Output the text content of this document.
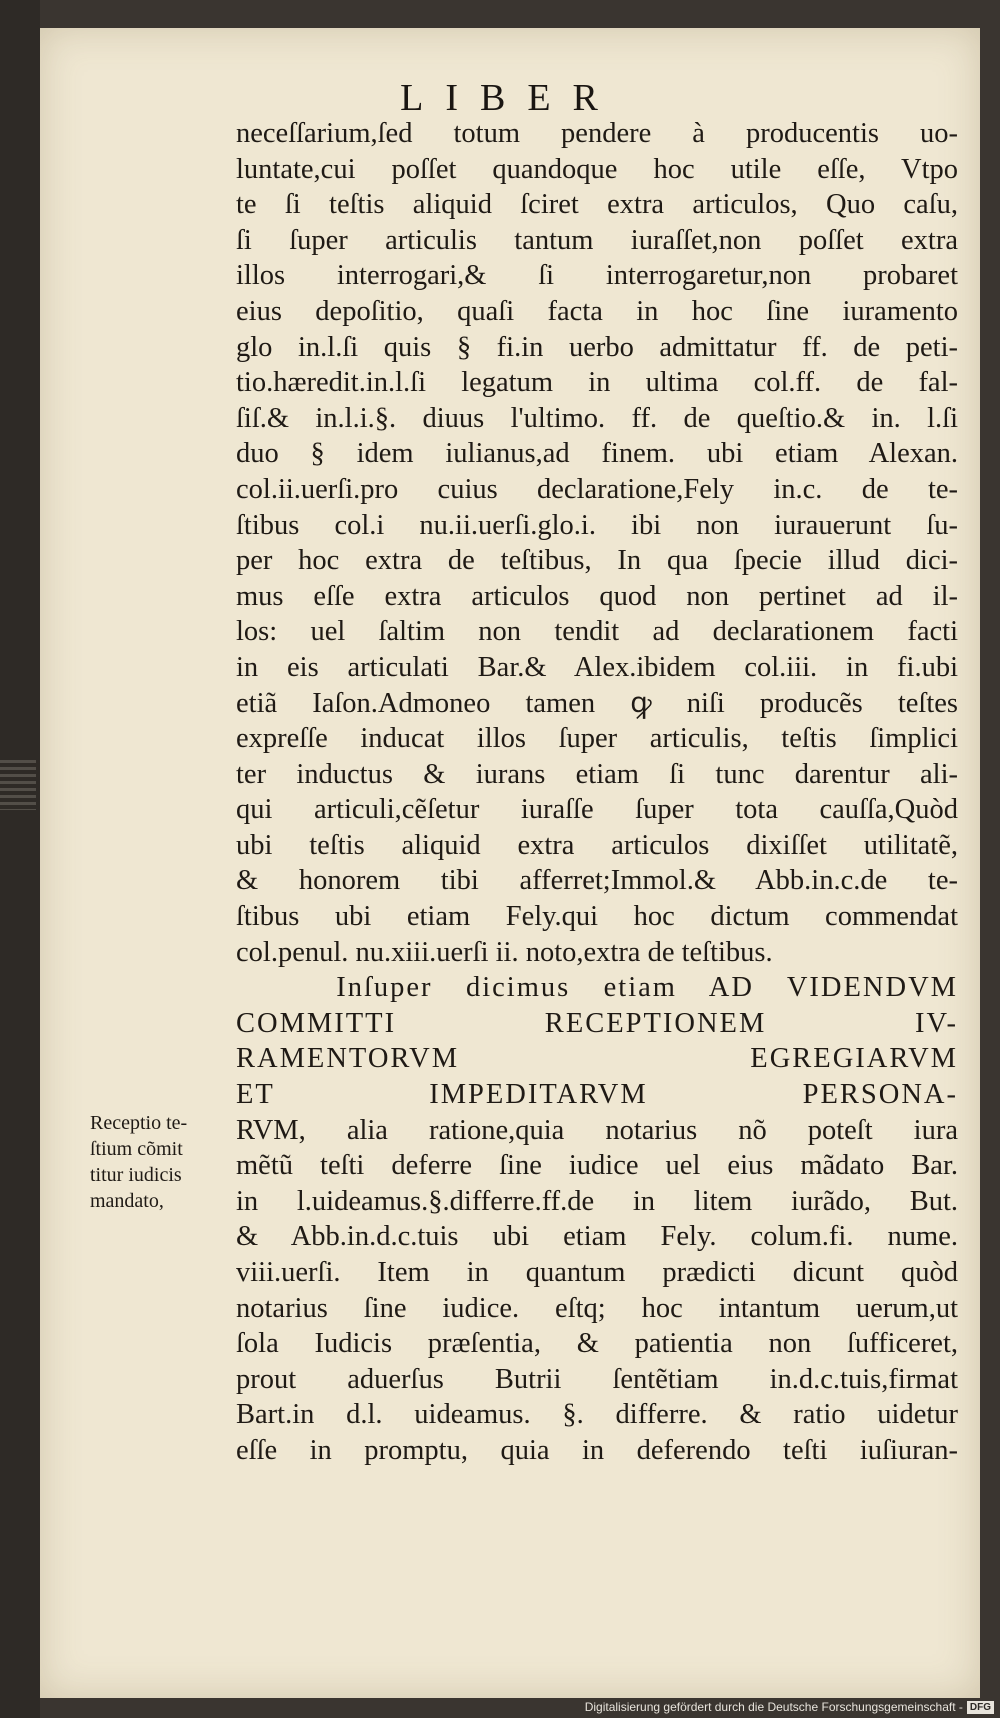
LIBER
neceſſarium,ſed totum pendere à producentis uo-
luntate,cui poſſet quandoque hoc utile eſſe, Vtpo
te ſi teſtis aliquid ſciret extra articulos, Quo caſu,
ſi ſuper articulis tantum iuraſſet,non poſſet extra
illos interrogari,& ſi interrogaretur,non probaret
eius depoſitio, quaſi facta in hoc ſine iuramento
glo in.l.ſi quis § fi.in uerbo admittatur ff. de peti-
tio.hæredit.in.l.ſi legatum in ultima col.ff. de fal-
ſiſ.& in.l.i.§. diuus l'ultimo. ff. de queſtio.& in. l.ſi
duo § idem iulianus,ad finem. ubi etiam Alexan.
col.ii.uerſi.pro cuius declaratione,Fely in.c. de te-
ſtibus col.i nu.ii.uerſi.glo.i. ibi non iurauerunt ſu-
per hoc extra de teſtibus, In qua ſpecie illud dici-
mus eſſe extra articulos quod non pertinet ad il-
los: uel ſaltim non tendit ad declarationem facti
in eis articulati Bar.& Alex.ibidem col.iii. in fi.ubi
etiã Iaſon.Admoneo tamen ꝙ niſi producẽs teſtes
expreſſe inducat illos ſuper articulis, teſtis ſimplici
ter inductus & iurans etiam ſi tunc darentur ali-
qui articuli,cẽſetur iuraſſe ſuper tota cauſſa,Quòd
ubi teſtis aliquid extra articulos dixiſſet utilitatẽ,
& honorem tibi afferret;Immol.& Abb.in.c.de te-
ſtibus ubi etiam Fely.qui hoc dictum commendat
col.penul. nu.xiii.uerſi ii. noto,extra de teſtibus.
Inſuper dicimus etiam AD VIDENDVM
COMMITTI RECEPTIONEM IV-
RAMENTORVM EGREGIARVM
ET IMPEDITARVM PERSONA-
RVM, alia ratione,quia notarius nõ poteſt iura
mẽtũ teſti deferre ſine iudice uel eius mãdato Bar.
in l.uideamus.§.differre.ff.de in litem iurãdo, But.
& Abb.in.d.c.tuis ubi etiam Fely. colum.fi. nume.
viii.uerſi. Item in quantum prædicti dicunt quòd
notarius ſine iudice. eſtq; hoc intantum uerum,ut
ſola Iudicis præſentia, & patientia non ſufficeret,
prout aduerſus Butrii ſentẽtiam in.d.c.tuis,firmat
Bart.in d.l. uideamus. §. differre. & ratio uidetur
eſſe in promptu, quia in deferendo teſti iuſiuran-
Receptio te-
ſtium cõmit
titur iudicis
mandato,
Digitalisierung gefördert durch die Deutsche Forschungsgemeinschaft - DFG
